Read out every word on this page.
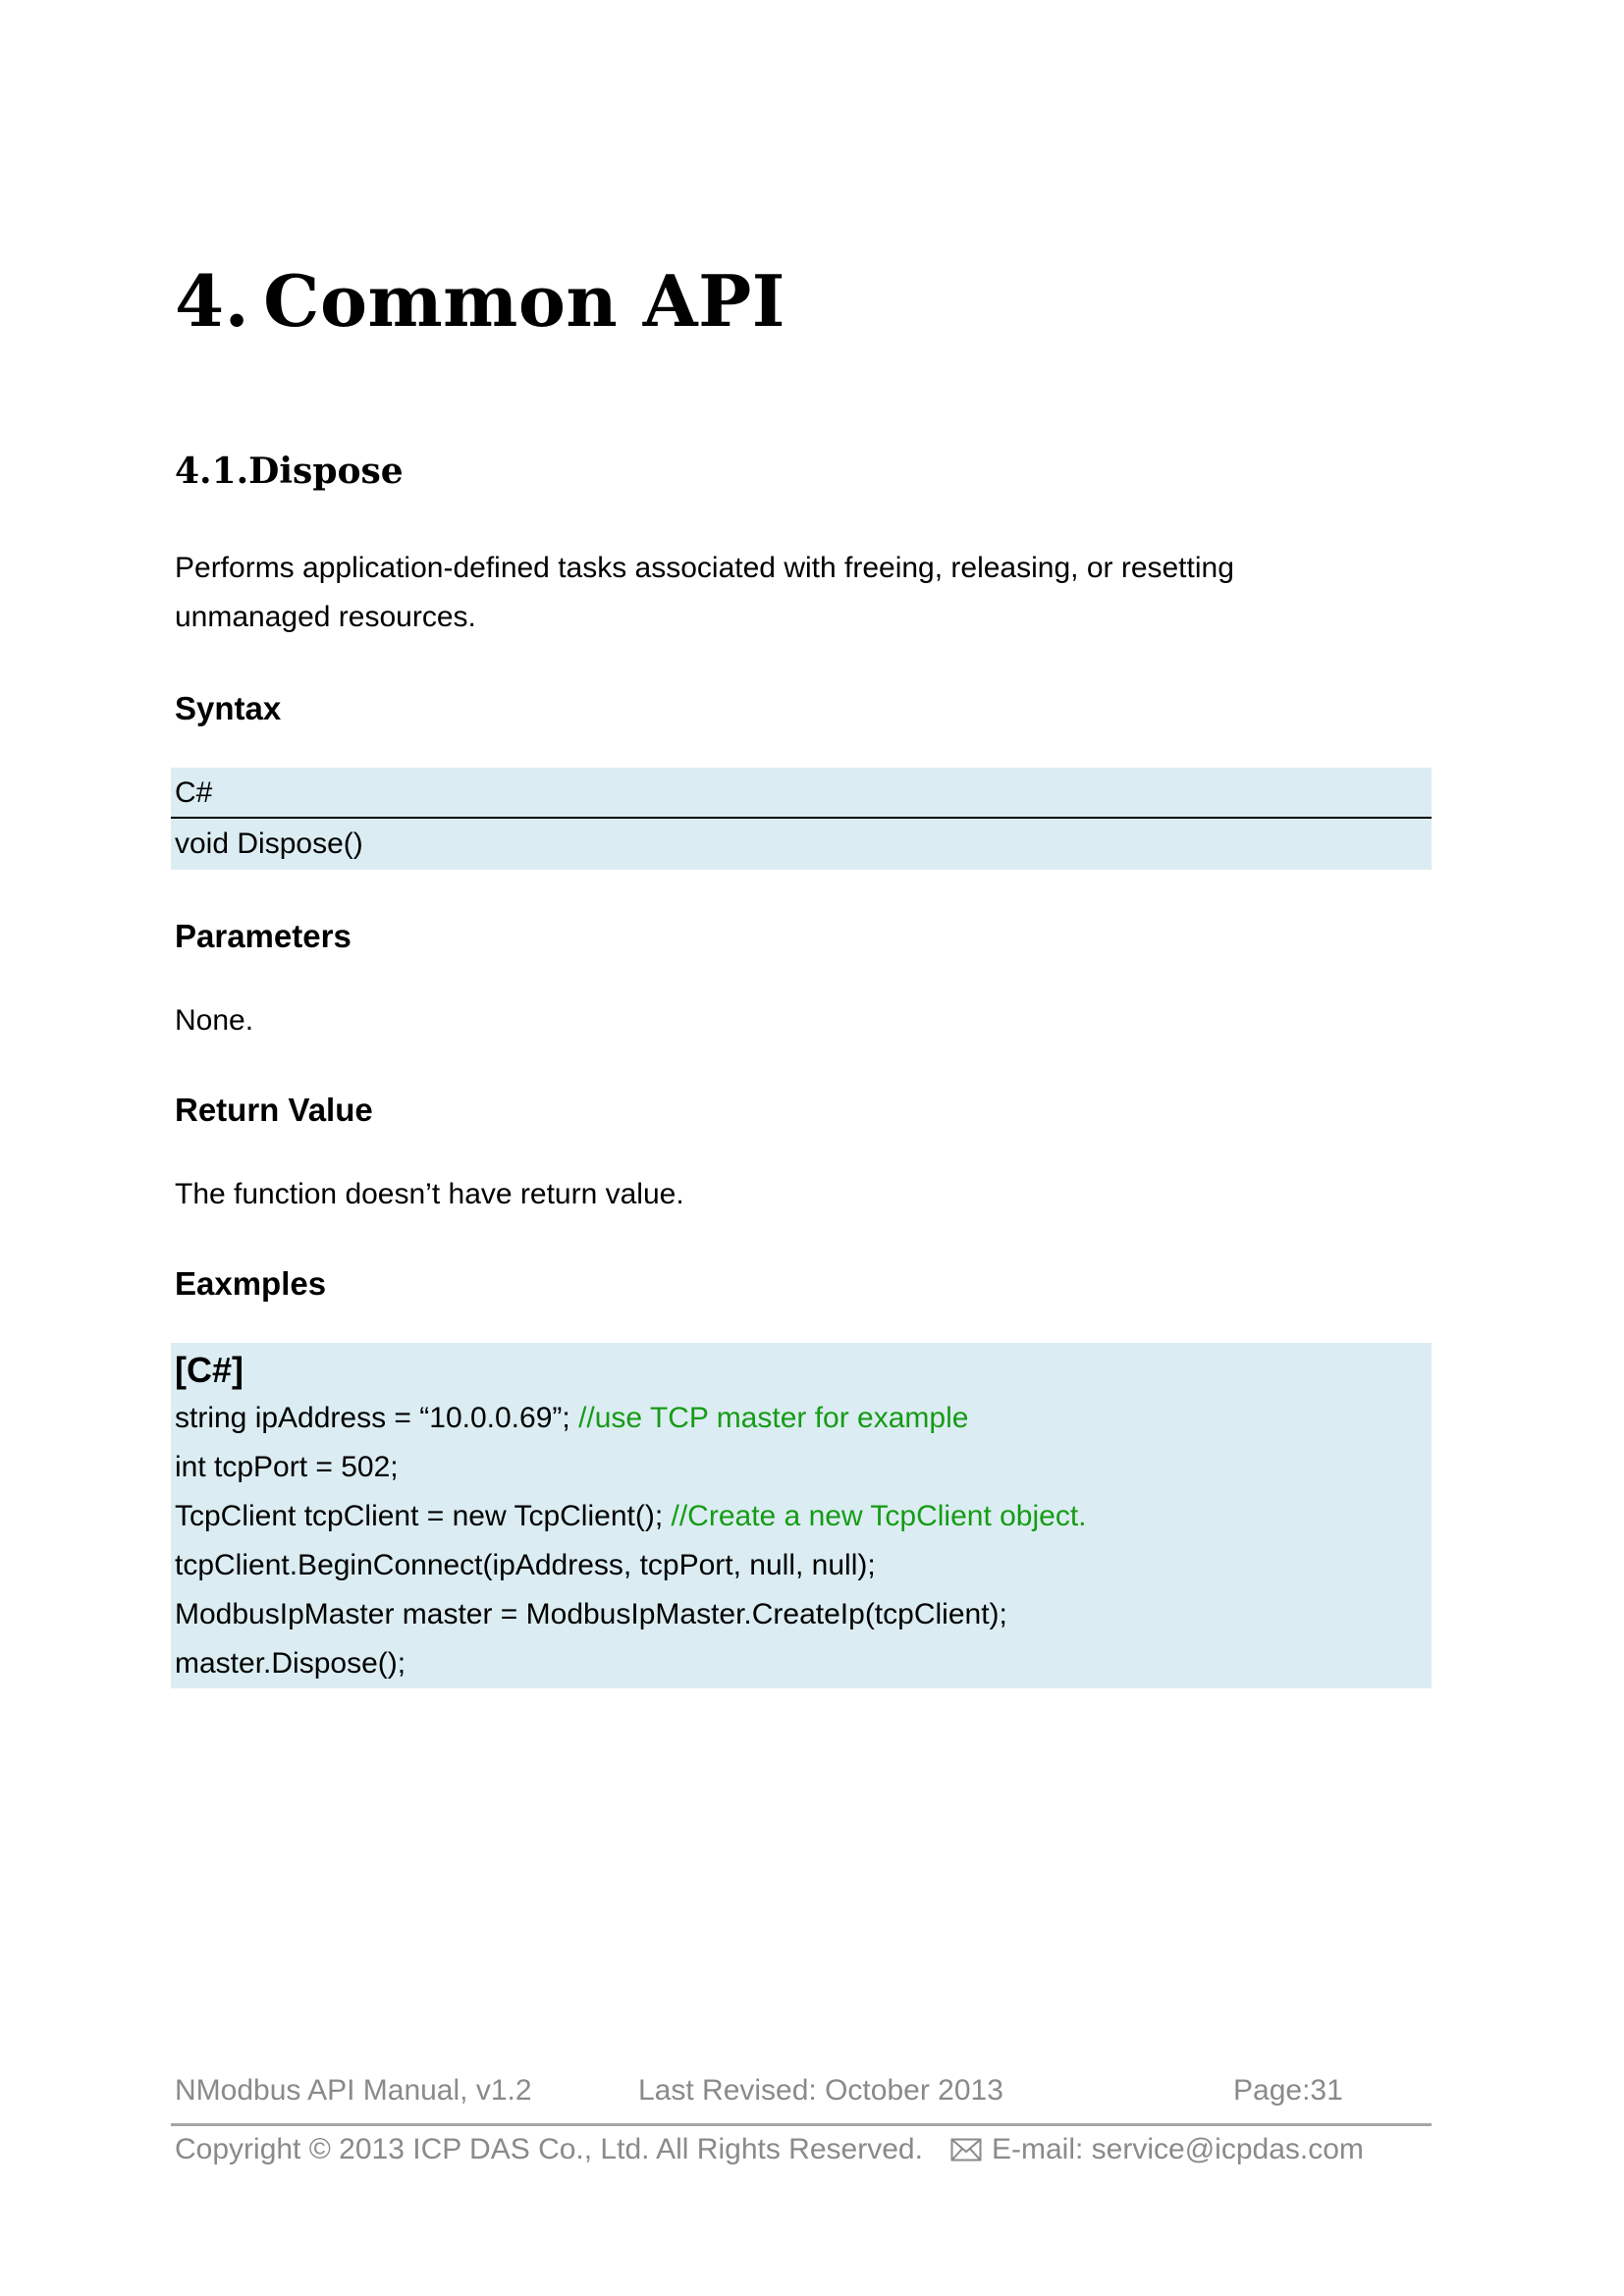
4. Common API
4.1.Dispose
Performs application-defined tasks associated with freeing, releasing, or resetting
unmanaged resources.
Syntax
C#
void Dispose()
Parameters
None.
Return Value
The function doesn’t have return value.
Eaxmples
[C#]
string ipAddress = “10.0.0.69”; //use TCP master for example
int tcpPort = 502;
TcpClient tcpClient = new TcpClient(); //Create a new TcpClient object.
tcpClient.BeginConnect(ipAddress, tcpPort, null, null);
ModbusIpMaster master = ModbusIpMaster.CreateIp(tcpClient);
master.Dispose();
NModbus API Manual, v1.2	Last Revised: October 2013	Page:31
Copyright © 2013 ICP DAS Co., Ltd. All Rights Reserved.	E-mail: service@icpdas.com
